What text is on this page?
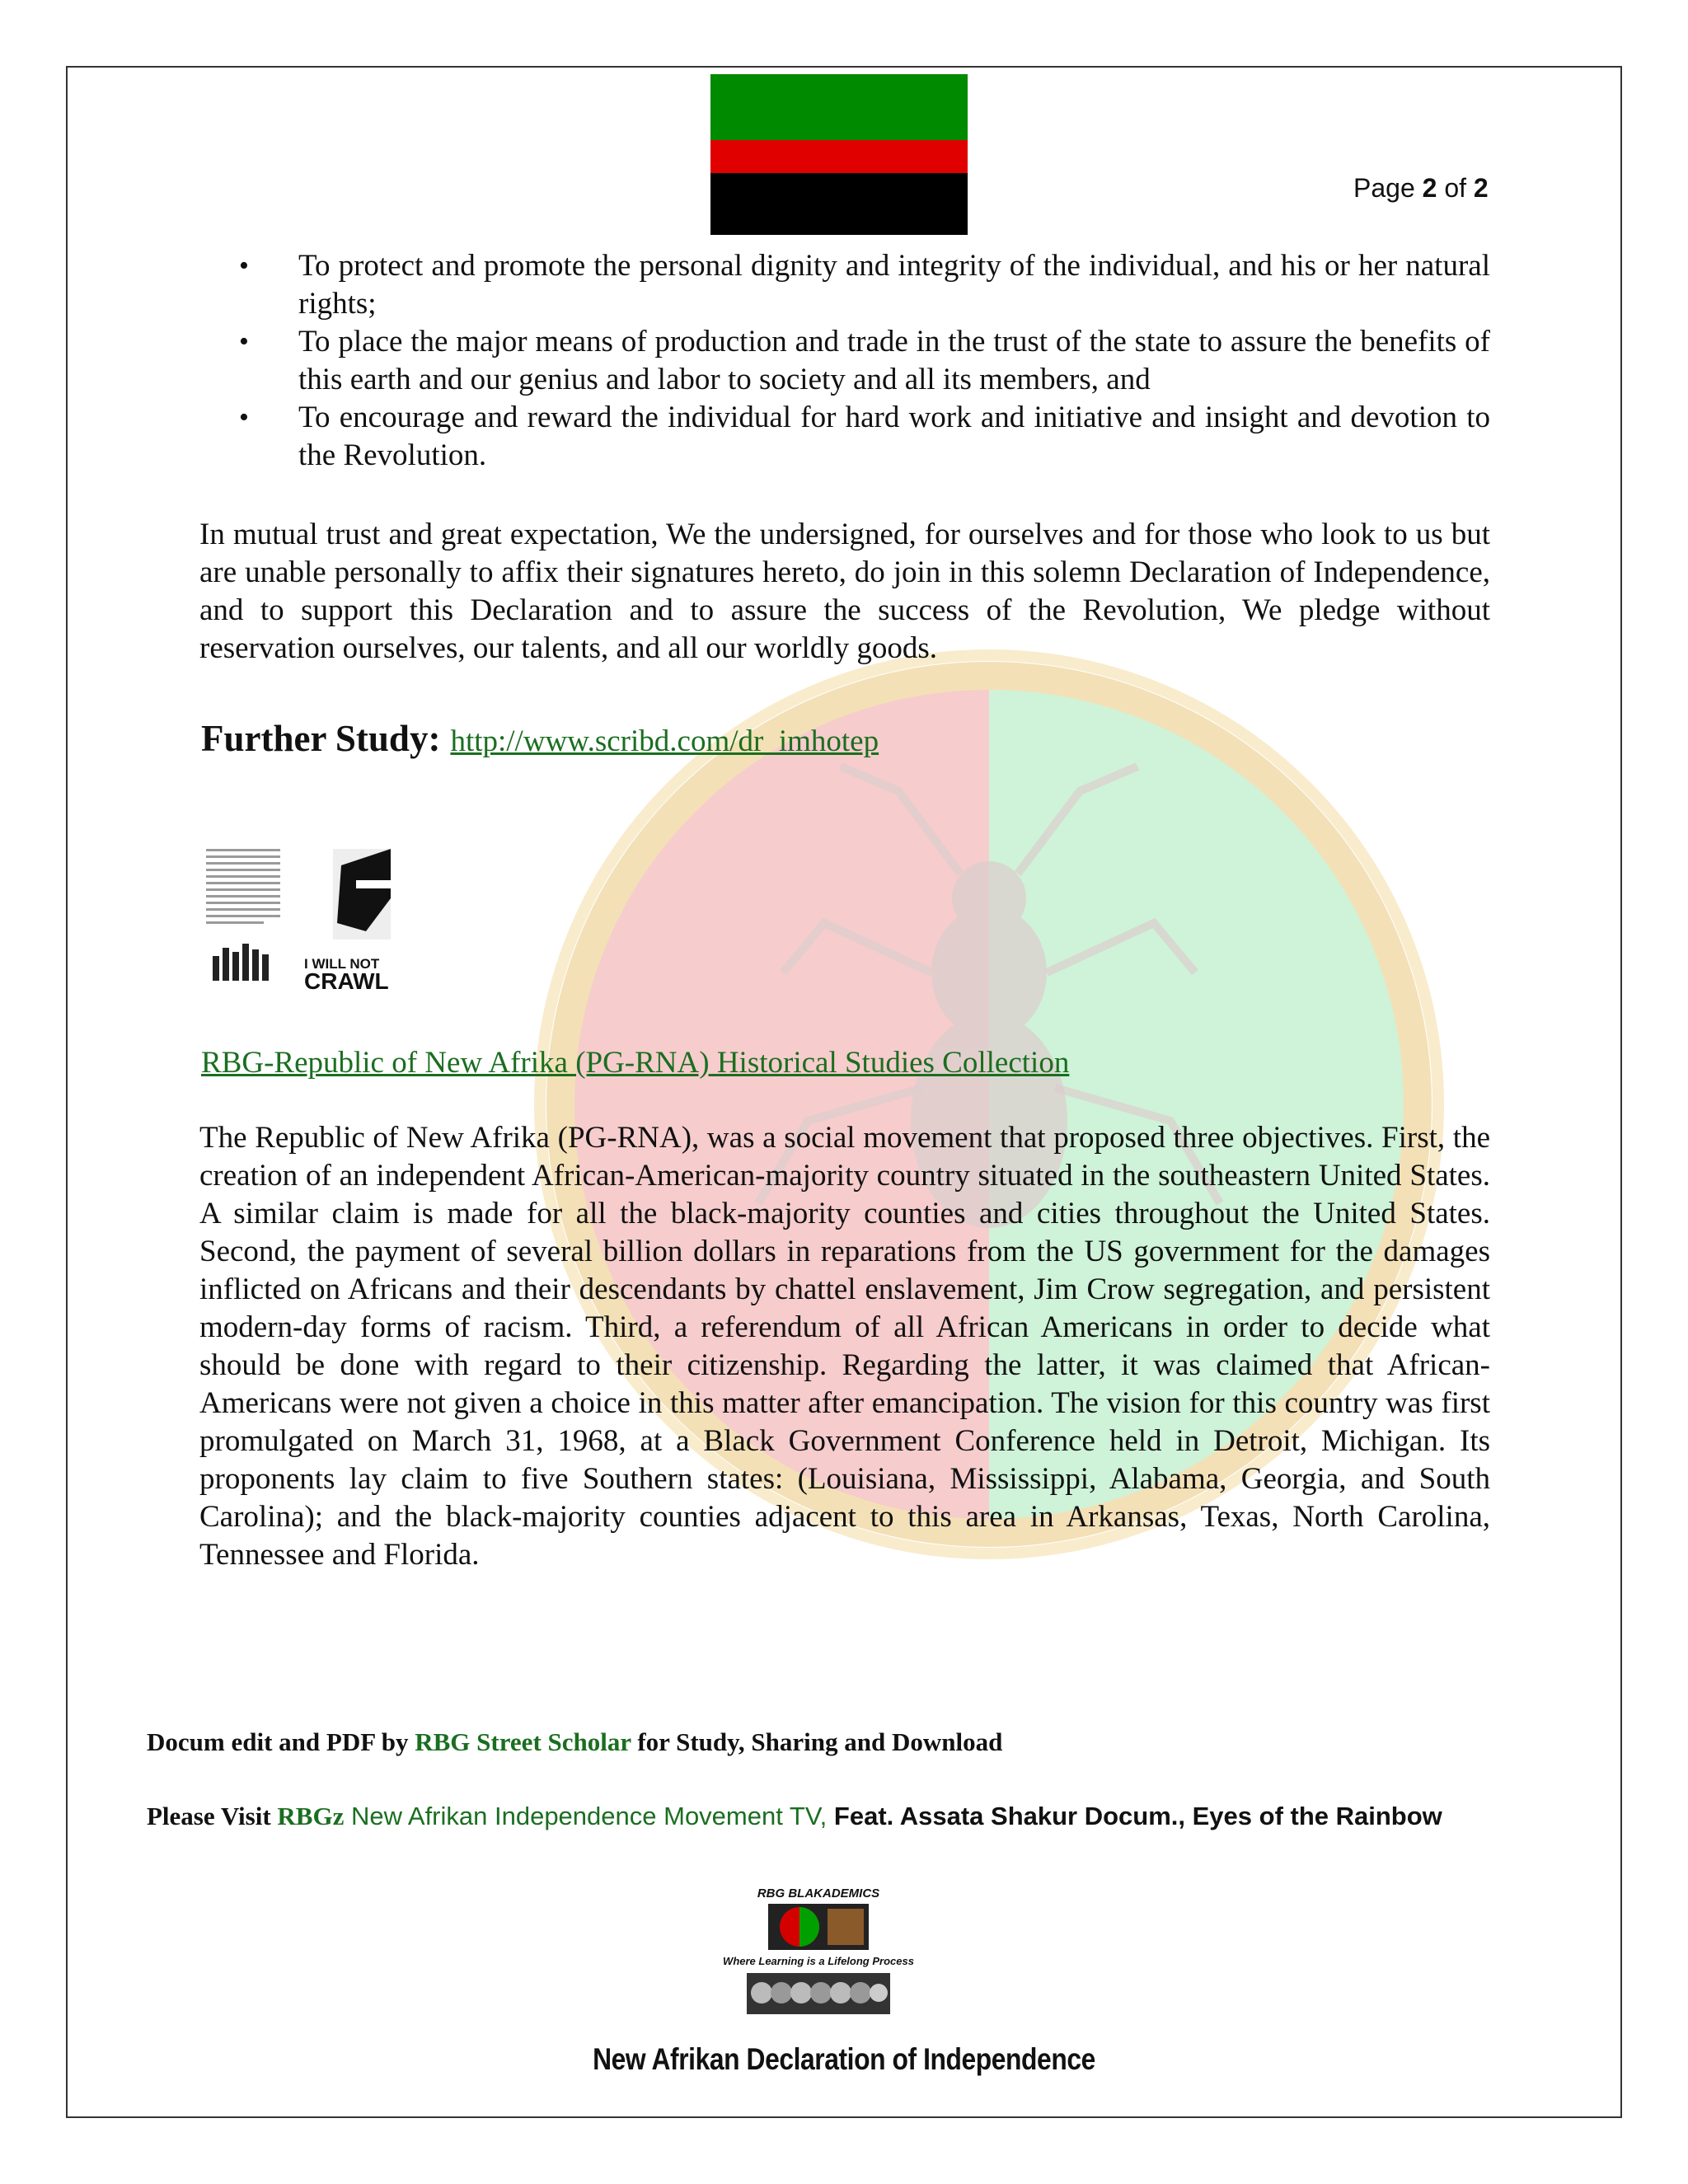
Page 2 of 2
• To protect and promote the personal dignity and integrity of the individual, and his or her natural rights;
• To place the major means of production and trade in the trust of the state to assure the benefits of this earth and our genius and labor to society and all its members, and
• To encourage and reward the individual for hard work and initiative and insight and devotion to the Revolution.

In mutual trust and great expectation, We the undersigned, for ourselves and for those who look to us but are unable personally to affix their signatures hereto, do join in this solemn Declaration of Independence, and to support this Declaration and to assure the success of the Revolution, We pledge without reservation ourselves, our talents, and all our worldly goods.

Further Study: http://www.scribd.com/dr_imhotep
I WILL NOT
CRAWL
RBG-Republic of New Afrika (PG-RNA) Historical Studies Collection

The Republic of New Afrika (PG-RNA), was a social movement that proposed three objectives. First, the creation of an independent African-American-majority country situated in the southeastern United States. A similar claim is made for all the black-majority counties and cities throughout the United States. Second, the payment of several billion dollars in reparations from the US government for the damages inflicted on Africans and their descendants by chattel enslavement, Jim Crow segregation, and persistent modern-day forms of racism. Third, a referendum of all African Americans in order to decide what should be done with regard to their citizenship. Regarding the latter, it was claimed that African-Americans were not given a choice in this matter after emancipation. The vision for this country was first promulgated on March 31, 1968, at a Black Government Conference held in Detroit, Michigan. Its proponents lay claim to five Southern states: (Louisiana, Mississippi, Alabama, Georgia, and South Carolina); and the black-majority counties adjacent to this area in Arkansas, Texas, North Carolina, Tennessee and Florida.

Docum edit and PDF by RBG Street Scholar for Study, Sharing and Download
Please Visit RBGz New Afrikan Independence Movement TV, Feat. Assata Shakur Docum., Eyes of the Rainbow
RBG BLAKADEMICS
Where Learning is a Lifelong Process
New Afrikan Declaration of Independence
